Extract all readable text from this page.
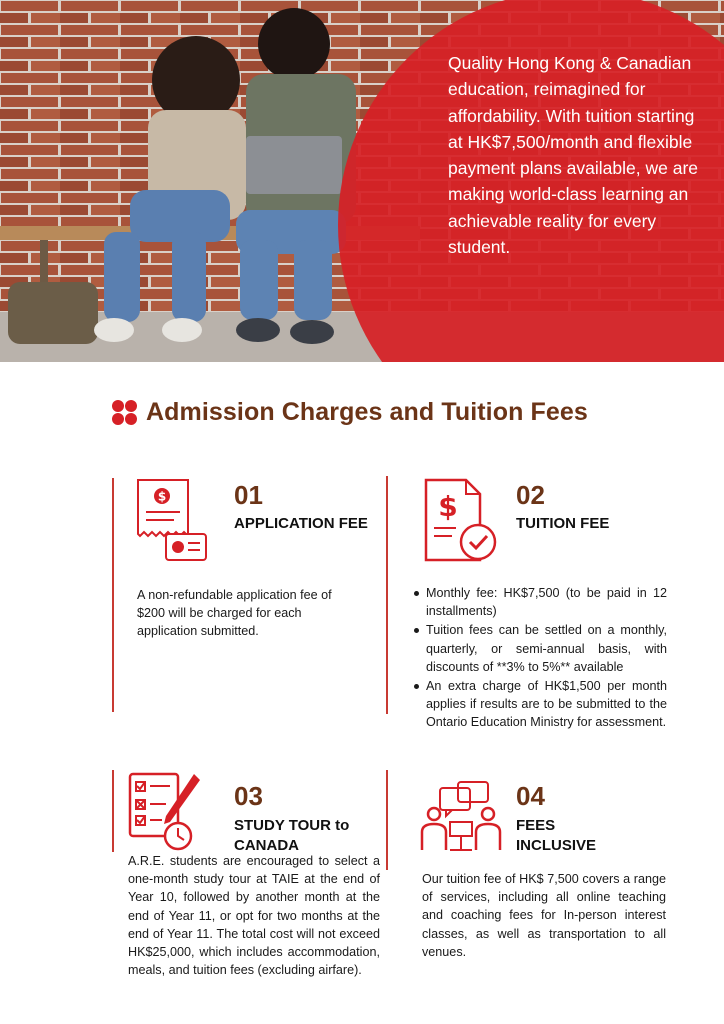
Quality Hong Kong & Canadian education, reimagined for affordability. With tuition starting at HK$7,500/month and flexible payment plans available, we are making world-class learning an achievable reality for every student.

Admission Charges and Tuition Fees
$	01
APPLICATION FEE

A non-refundable application fee of $200 will be charged for each application submitted.

$ 02
TUITION FEE
Monthly fee: HK$7,500 (to be paid in 12 installments)
Tuition fees can be settled on a monthly, quarterly, or semi-annual basis, with discounts of **3% to 5%** available
An extra charge of HK$1,500 per month applies if results are to be submitted to the Ontario Education Ministry for assessment.
03
STUDY TOUR to CANADA

A.R.E. students are encouraged to select a one-month study tour at TAIE at the end of Year 10, followed by another month at the end of Year 11, or opt for two months at the end of Year 11. The total cost will not exceed HK$25,000, which includes accommodation, meals, and tuition fees (excluding airfare).

04
FEES INCLUSIVE

Our tuition fee of HK$ 7,500 covers a range of services, including all online teaching and coaching fees for In-person interest classes, as well as transportation to all venues.
